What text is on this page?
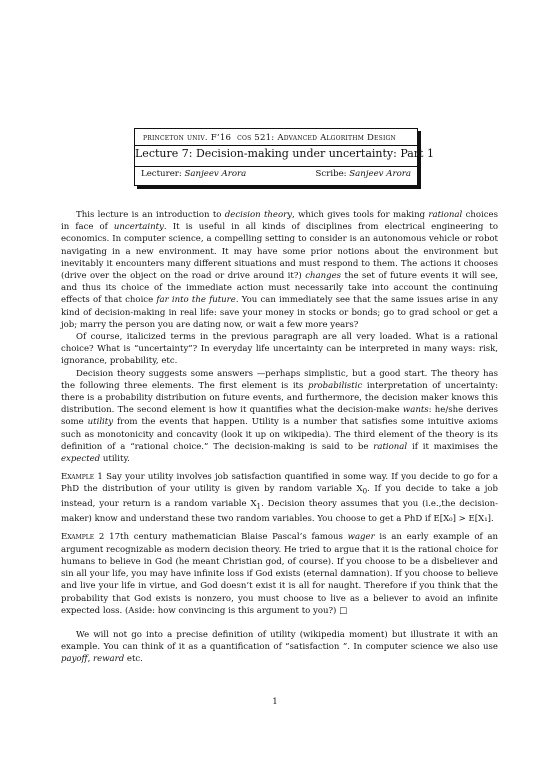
princeton univ. F’16 cos 521: Advanced Algorithm Design
Lecture 7: Decision-making under uncertainty: Part 1
Lecturer: Sanjeev Arora	Scribe: Sanjeev Arora

This lecture is an introduction to decision theory, which gives tools for making rational choices in face of uncertainty. It is useful in all kinds of disciplines from electrical engineering to economics. In computer science, a compelling setting to consider is an autonomous vehicle or robot navigating in a new environment. It may have some prior notions about the environment but inevitably it encounters many different situations and must respond to them. The actions it chooses (drive over the object on the road or drive around it?) changes the set of future events it will see, and thus its choice of the immediate action must necessarily take into account the continuing effects of that choice far into the future. You can immediately see that the same issues arise in any kind of decision-making in real life: save your money in stocks or bonds; go to grad school or get a job; marry the person you are dating now, or wait a few more years?

Of course, italicized terms in the previous paragraph are all very loaded. What is a rational choice? What is “uncertainty”? In everyday life uncertainty can be interpreted in many ways: risk, ignorance, probability, etc.

Decision theory suggests some answers —perhaps simplistic, but a good start. The theory has the following three elements. The first element is its probabilistic interpretation of uncertainty: there is a probability distribution on future events, and furthermore, the decision maker knows this distribution. The second element is how it quantifies what the decision-make wants: he/she derives some utility from the events that happen. Utility is a number that satisfies some intuitive axioms such as monotonicity and concavity (look it up on wikipedia). The third element of the theory is its definition of a “rational choice.” The decision-making is said to be rational if it maximises the expected utility.

Example 1 Say your utility involves job satisfaction quantified in some way. If you decide to go for a PhD the distribution of your utility is given by random variable $X_0$. If you decide to take a job instead, your return is a random variable $X_1$. Decision theory assumes that you (i.e.,the decision-maker) know and understand these two random variables. You choose to get a PhD if E[X₀] > E[X₁].

Example 2 17th century mathematician Blaise Pascal’s famous wager is an early example of an argument recognizable as modern decision theory. He tried to argue that it is the rational choice for humans to believe in God (he meant Christian god, of course). If you choose to be a disbeliever and sin all your life, you may have infinite loss if God exists (eternal damnation). If you choose to believe and live your life in virtue, and God doesn’t exist it is all for naught. Therefore if you think that the probability that God exists is nonzero, you must choose to live as a believer to avoid an infinite expected loss. (Aside: how convincing is this argument to you?) □

We will not go into a precise definition of utility (wikipedia moment) but illustrate it with an example. You can think of it as a quantification of “satisfaction ”. In computer science we also use payoff, reward etc.

1
